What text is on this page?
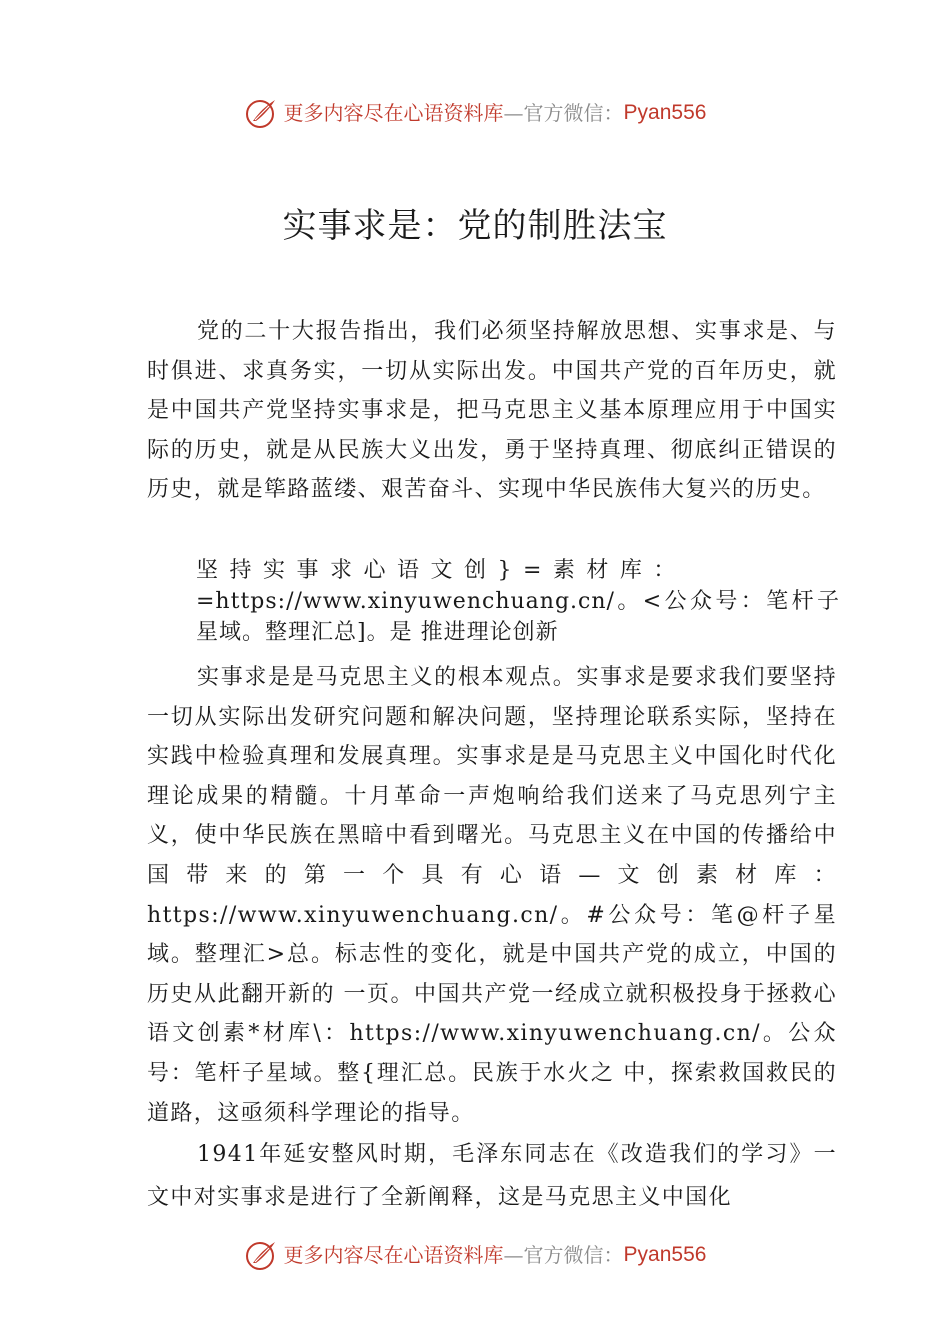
更多内容尽在心语资料库 — 官方微信： Pyan556
实事求是：党的制胜法宝

党的二十大报告指出，我们必须坚持解放思想、实事求是、与时俱进、求真务实，一切从实际出发。中国共产党的百年历史，就是中国共产党坚持实事求是，把马克思主义基本原理应用于中国实际的历史，就是从民族大义出发，勇于坚持真理、彻底纠正错误的历史，就是筚路蓝缕、艰苦奋斗、实现中华民族伟大复兴的历史。

坚持实事求心语文创}=素材库：
=https://www.xinyuwenchuang.cn/。<公众号：笔杆子星域。整理汇总]。是 推进理论创新

实事求是是马克思主义的根本观点。实事求是要求我们要坚持一切从实际出发研究问题和解决问题，坚持理论联系实际，坚持在实践中检验真理和发展真理。实事求是是马克思主义中国化时代化理论成果的精髓。十月革命一声炮响给我们送来了马克思列宁主义，使中华民族在黑暗中看到曙光。马克思主义在中国的传播给中国带来的第一个具有心语—文创素材库：https://www.xinyuwenchuang.cn/。#公众号：笔@杆子星域。整理汇>总。标志性的变化，就是中国共产党的成立，中国的历史从此翻开新的 一页。中国共产党一经成立就积极投身于拯救心语文创素*材库\：https://www.xinyuwenchuang.cn/。公众号：笔杆子星域。整{理汇总。民族于水火之 中，探索救国救民的道路，这亟须科学理论的指导。

1941年延安整风时期，毛泽东同志在《改造我们的学习》一文中对实事求是进行了全新阐释，这是马克思主义中国化

更多内容尽在心语资料库 — 官方微信： Pyan556
